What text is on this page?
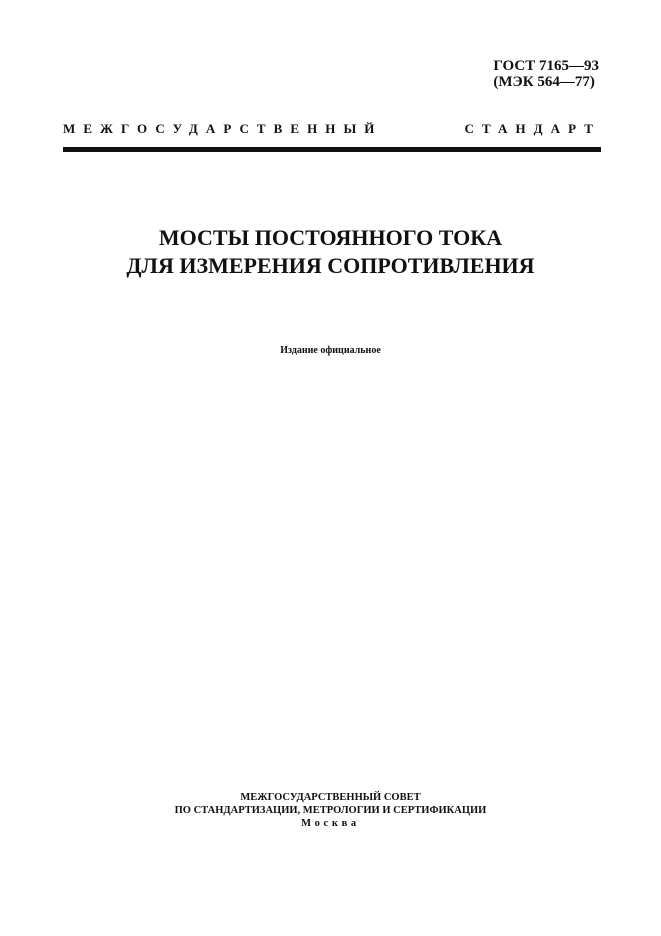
ГОСТ 7165—93
(МЭК 564—77)
МЕЖГОСУДАРСТВЕННЫЙ СТАНДАРТ
МОСТЫ ПОСТОЯННОГО ТОКА
ДЛЯ ИЗМЕРЕНИЯ СОПРОТИВЛЕНИЯ
Издание официальное
МЕЖГОСУДАРСТВЕННЫЙ СОВЕТ
ПО СТАНДАРТИЗАЦИИ, МЕТРОЛОГИИ И СЕРТИФИКАЦИИ
Москва
